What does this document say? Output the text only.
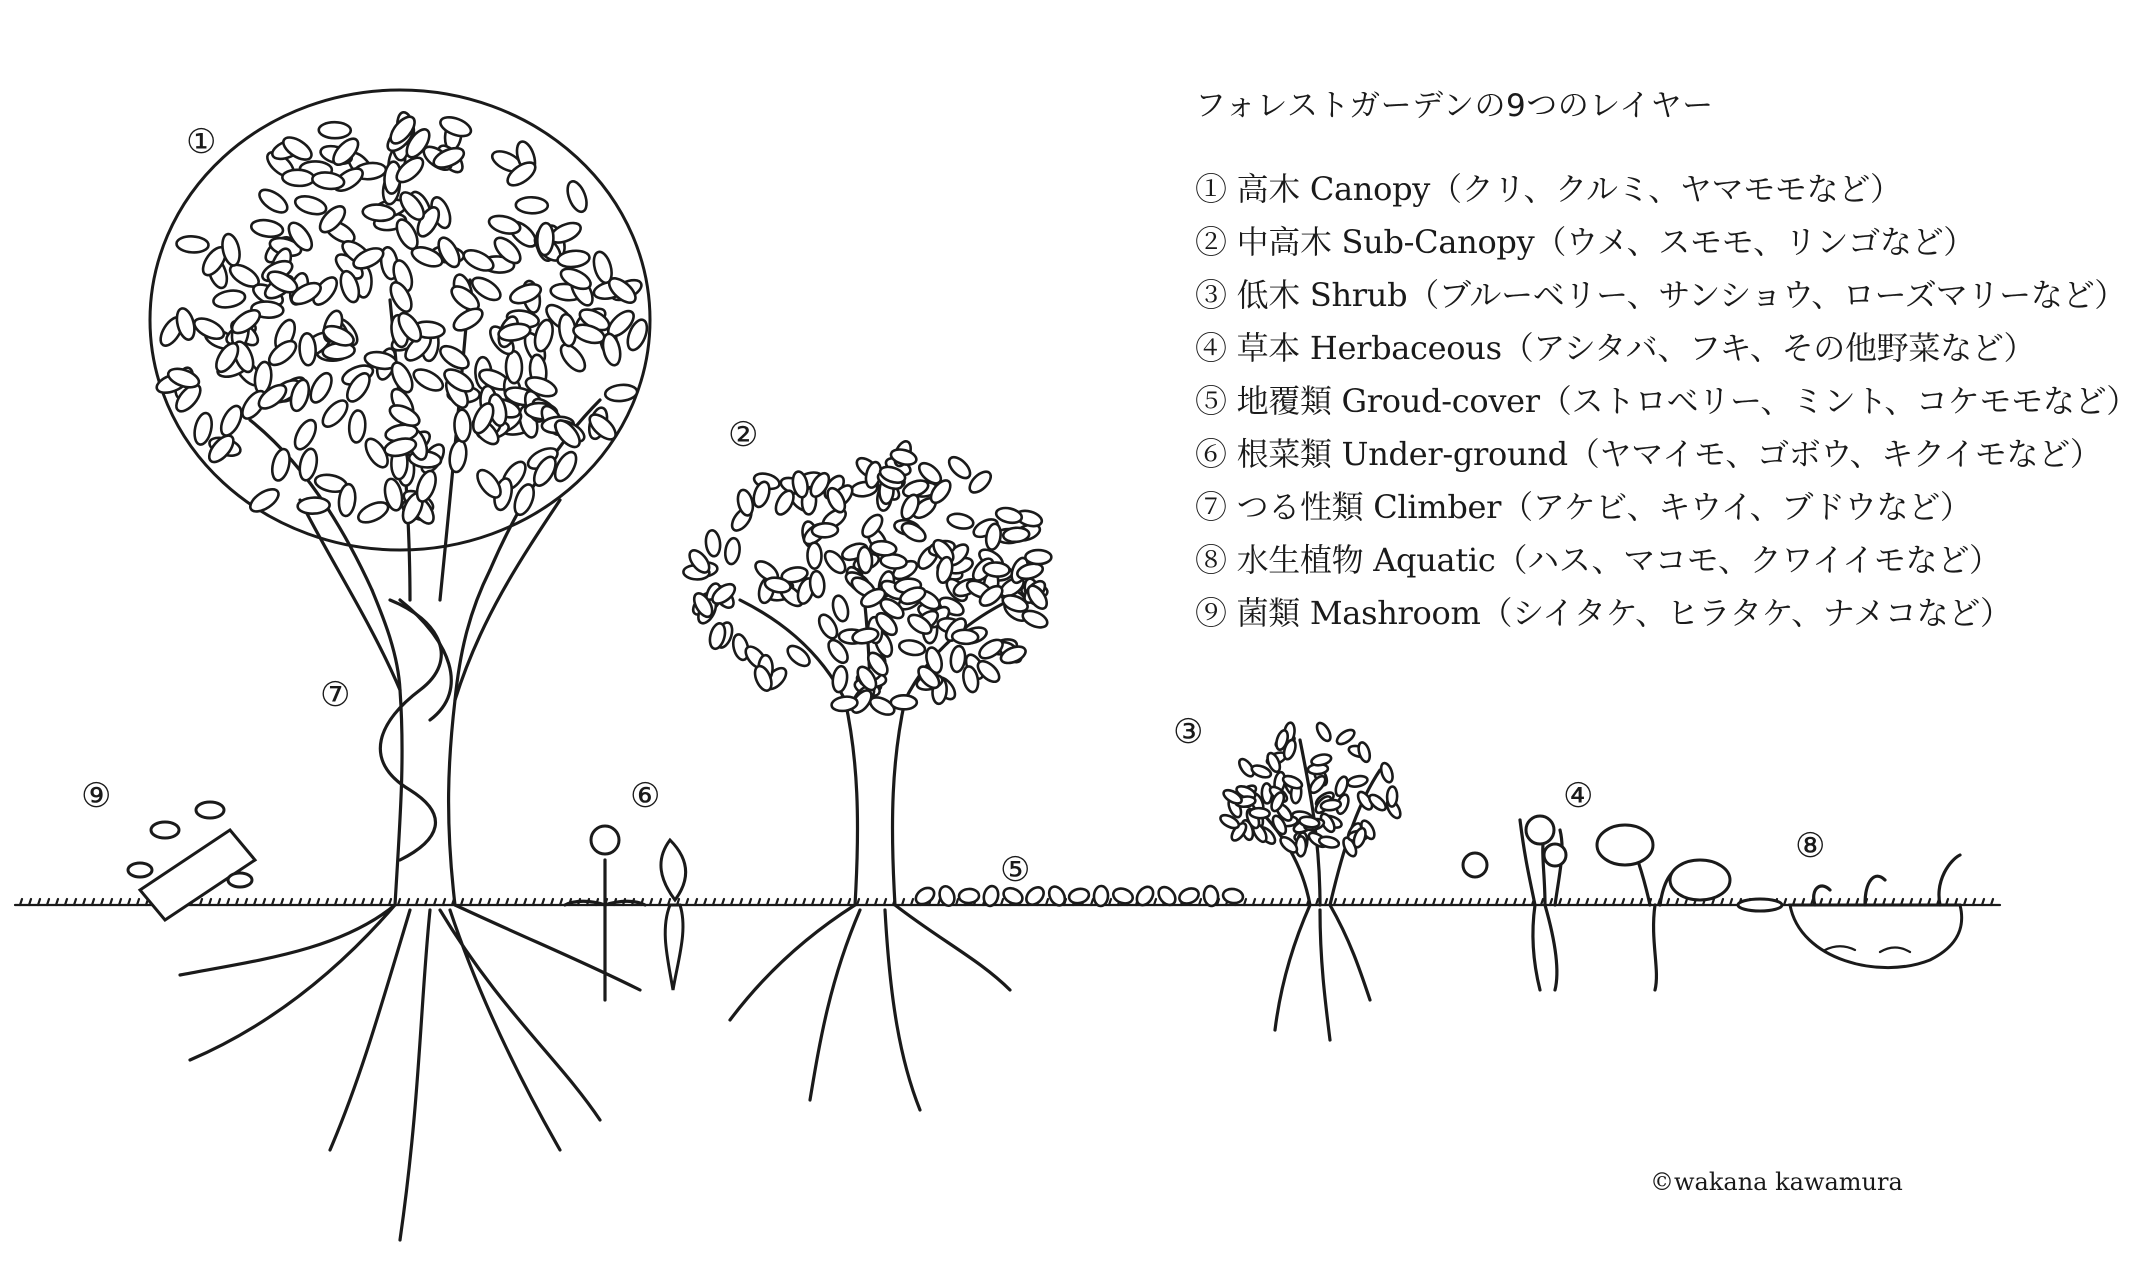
①
②
③
④
⑤
⑥
⑦
⑧
⑨
フォレストガーデンの9つのレイヤー
① 高木 Canopy（クリ、クルミ、ヤマモモなど）
② 中高木 Sub-Canopy（ウメ、スモモ、リンゴなど）
③ 低木 Shrub（ブルーベリー、サンショウ、ローズマリーなど）
④ 草本 Herbaceous（アシタバ、フキ、その他野菜など）
⑤ 地覆類 Groud-cover（ストロベリー、ミント、コケモモなど）
⑥ 根菜類 Under-ground（ヤマイモ、ゴボウ、キクイモなど）
⑦ つる性類 Climber（アケビ、キウイ、ブドウなど）
⑧ 水生植物 Aquatic（ハス、マコモ、クワイイモなど）
⑨ 菌類 Mashroom（シイタケ、ヒラタケ、ナメコなど）
©wakana kawamura
